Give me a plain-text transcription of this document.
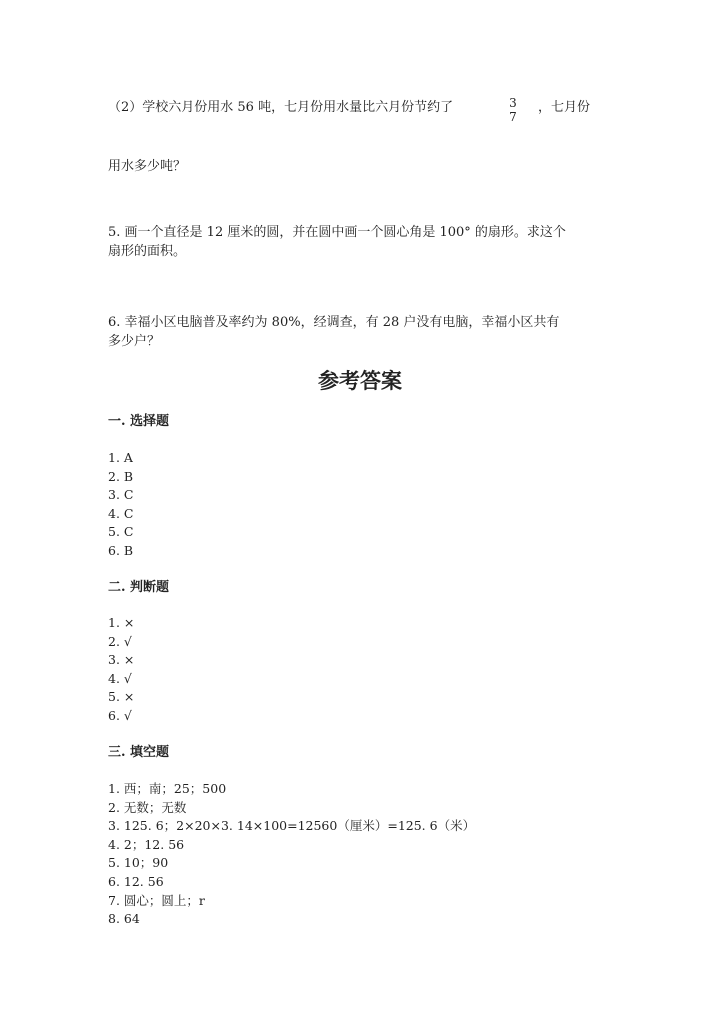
（2）学校六月份用水 56 吨，七月份用水量比六月份节约了	3
7
，七月份
用水多少吨？
5. 画一个直径是 12 厘米的圆，并在圆中画一个圆心角是 100° 的扇形。求这个
扇形的面积。
6. 幸福小区电脑普及率约为 80%，经调查，有 28 户没有电脑，幸福小区共有
多少户？
参考答案
一. 选择题
1. A
2. B
3. C
4. C
5. C
6. B
二. 判断题
1. ×
2. √
3. ×
4. √
5. ×
6. √
三. 填空题
1. 西；南；25；500
2. 无数；无数
3. 125. 6；2×20×3. 14×100=12560（厘米）=125. 6（米）
4. 2；12. 56
5. 10；90
6. 12. 56
7. 圆心；圆上；r
8. 64
